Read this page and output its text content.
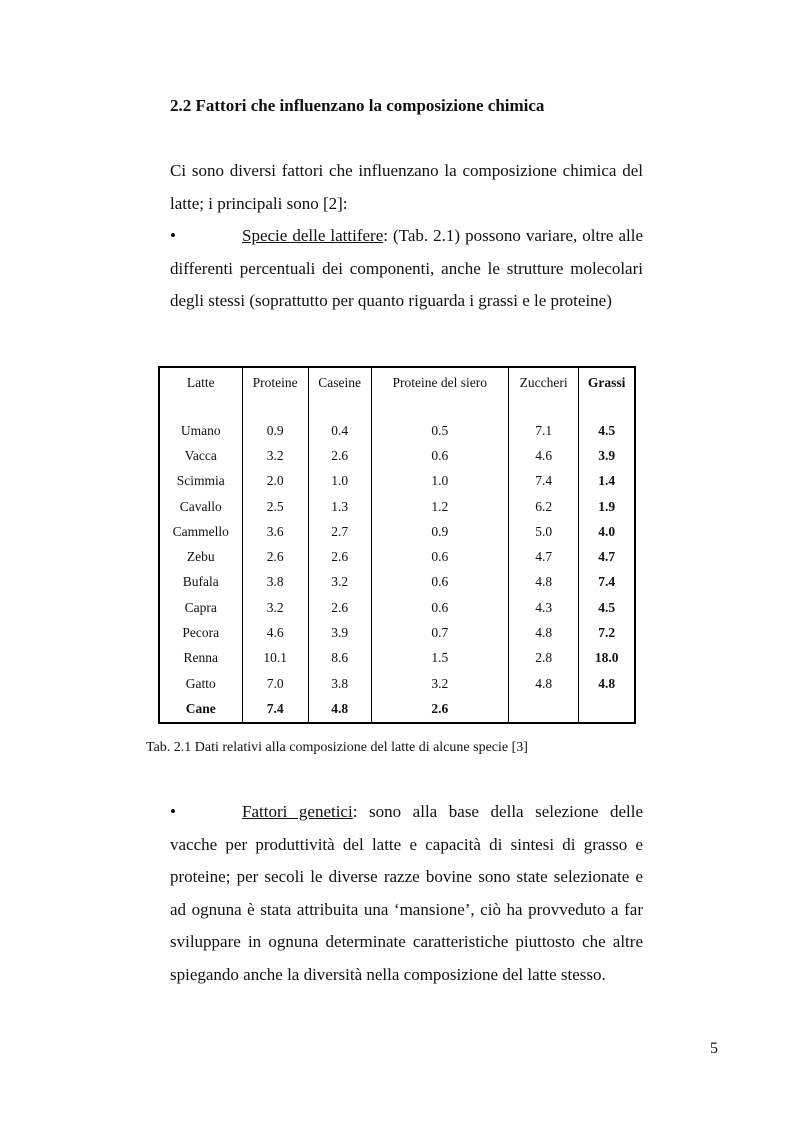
2.2 Fattori che influenzano la composizione chimica

Ci sono diversi fattori che influenzano la composizione chimica del latte; i principali sono [2]:

•	Specie delle lattifere: (Tab. 2.1) possono variare, oltre alle differenti percentuali dei componenti, anche le strutture molecolari degli stessi (soprattutto per quanto riguarda i grassi e le proteine)

Latte	Proteine	Caseine	Proteine del siero	Zuccheri	Grassi
Umano	0.9	0.4	0.5	7.1	4.5
Vacca	3.2	2.6	0.6	4.6	3.9
Scimmia	2.0	1.0	1.0	7.4	1.4
Cavallo	2.5	1.3	1.2	6.2	1.9
Cammello	3.6	2.7	0.9	5.0	4.0
Zebu	2.6	2.6	0.6	4.7	4.7
Bufala	3.8	3.2	0.6	4.8	7.4
Capra	3.2	2.6	0.6	4.3	4.5
Pecora	4.6	3.9	0.7	4.8	7.2
Renna	10.1	8.6	1.5	2.8	18.0
Gatto	7.0	3.8	3.2	4.8	4.8
Cane	7.4	4.8	2.6		

Tab. 2.1 Dati relativi alla composizione del latte di alcune specie [3]

•	Fattori genetici: sono alla base della selezione delle vacche per produttività del latte e capacità di sintesi di grasso e proteine; per secoli le diverse razze bovine sono state selezionate e ad ognuna è stata attribuita una ‘mansione’, ciò ha provveduto a far sviluppare in ognuna determinate caratteristiche piuttosto che altre spiegando anche la diversità nella composizione del latte stesso.

5
